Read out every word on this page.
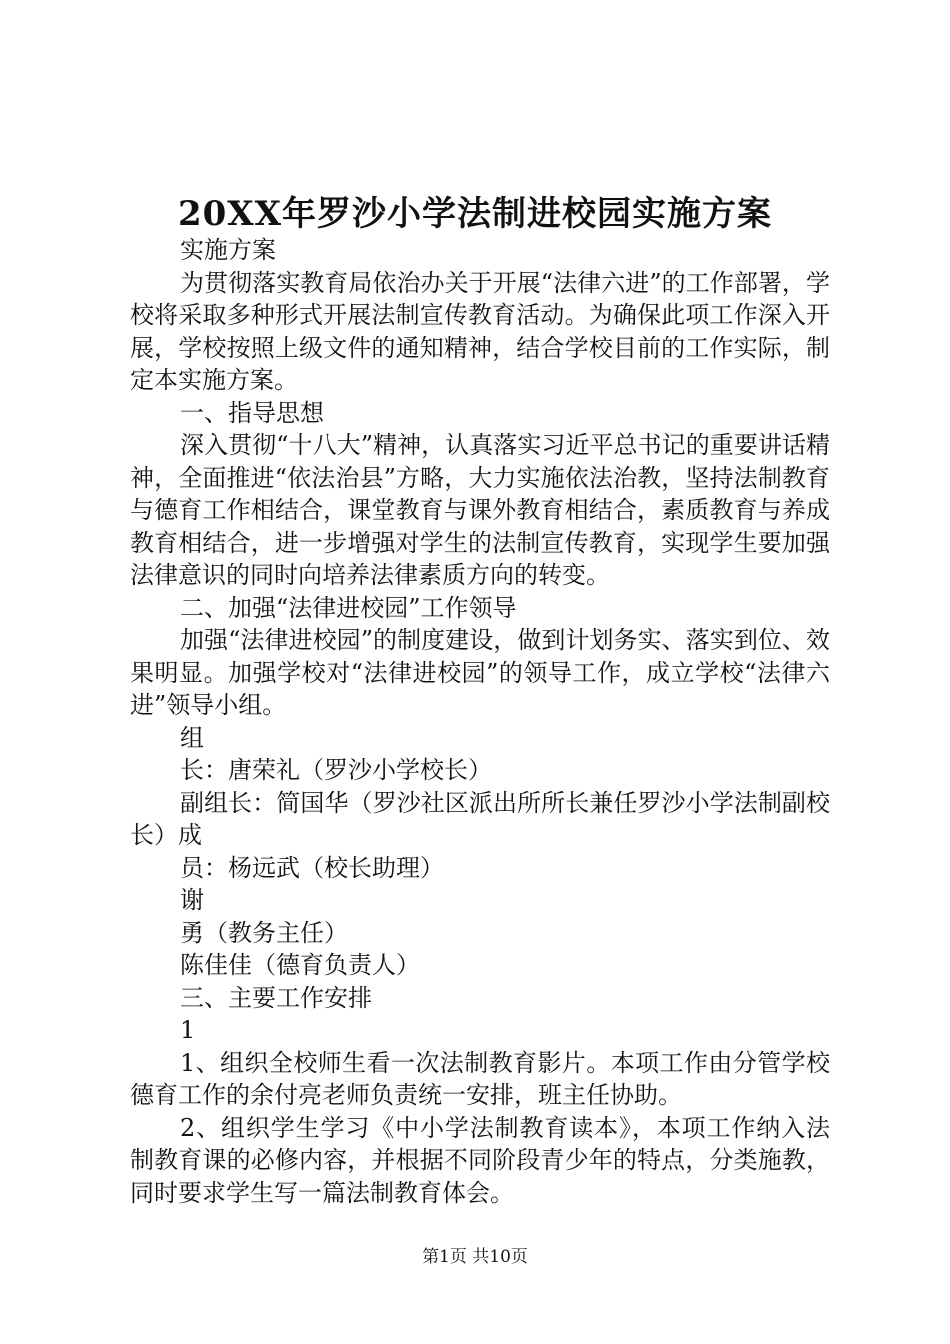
20XX年罗沙小学法制进校园实施方案

实施方案

为贯彻落实教育局依治办关于开展“法律六进”的工作部署，学校将采取多种形式开展法制宣传教育活动。为确保此项工作深入开展，学校按照上级文件的通知精神，结合学校目前的工作实际，制定本实施方案。

一、指导思想

深入贯彻“十八大”精神，认真落实习近平总书记的重要讲话精神，全面推进“依法治县”方略，大力实施依法治教，坚持法制教育与德育工作相结合，课堂教育与课外教育相结合，素质教育与养成教育相结合，进一步增强对学生的法制宣传教育，实现学生要加强法律意识的同时向培养法律素质方向的转变。

二、加强“法律进校园”工作领导

加强“法律进校园”的制度建设，做到计划务实、落实到位、效果明显。加强学校对“法律进校园”的领导工作，成立学校“法律六进”领导小组。

组

长：唐荣礼（罗沙小学校长）

副组长：简国华（罗沙社区派出所所长兼任罗沙小学法制副校长）成

员：杨远武（校长助理）

谢

勇（教务主任）

陈佳佳（德育负责人）

三、主要工作安排

1

1、组织全校师生看一次法制教育影片。本项工作由分管学校德育工作的余付亮老师负责统一安排，班主任协助。

2、组织学生学习《中小学法制教育读本》，本项工作纳入法制教育课的必修内容，并根据不同阶段青少年的特点，分类施教，同时要求学生写一篇法制教育体会。

第1页 共10页
